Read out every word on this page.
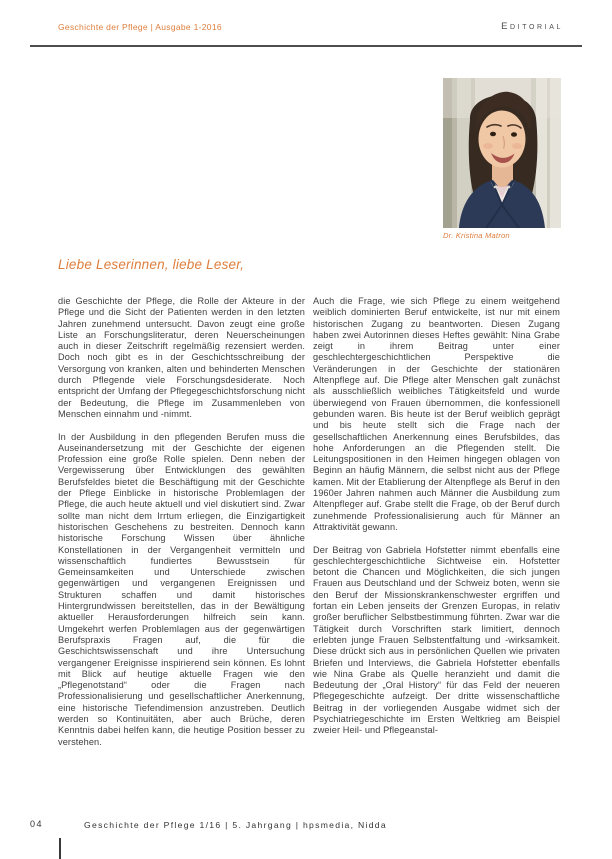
Geschichte der Pflege | Ausgabe 1-2016	Editorial
Dr. Kristina Matron
Liebe Leserinnen, liebe Leser,

die Geschichte der Pflege, die Rolle der Akteure in der Pflege und die Sicht der Patienten werden in den letzten Jahren zunehmend untersucht. Davon zeugt eine große Liste an Forschungsliteratur, deren Neuerscheinungen auch in dieser Zeitschrift regelmäßig rezensiert werden. Doch noch gibt es in der Geschichtsschreibung der Versorgung von kranken, alten und behinderten Menschen durch Pflegende viele Forschungsdesiderate. Noch entspricht der Umfang der Pflegegeschichtsforschung nicht der Bedeutung, die Pflege im Zusammenleben von Menschen einnahm und -nimmt.

In der Ausbildung in den pflegenden Berufen muss die Auseinandersetzung mit der Geschichte der eigenen Profession eine große Rolle spielen. Denn neben der Vergewisserung über Entwicklungen des gewählten Berufsfeldes bietet die Beschäftigung mit der Geschichte der Pflege Einblicke in historische Problemlagen der Pflege, die auch heute aktuell und viel diskutiert sind. Zwar sollte man nicht dem Irrtum erliegen, die Einzigartigkeit historischen Geschehens zu bestreiten. Dennoch kann historische Forschung Wissen über ähnliche Konstellationen in der Vergangenheit vermitteln und wissenschaftlich fundiertes Bewusstsein für Gemeinsamkeiten und Unterschiede zwischen gegenwärtigen und vergangenen Ereignissen und Strukturen schaffen und damit historisches Hintergrundwissen bereitstellen, das in der Bewältigung aktueller Herausforderungen hilfreich sein kann. Umgekehrt werfen Problemlagen aus der gegenwärtigen Berufspraxis Fragen auf, die für die Geschichtswissenschaft und ihre Untersuchung vergangener Ereignisse inspirierend sein können. Es lohnt mit Blick auf heutige aktuelle Fragen wie den „Pflegenotstand“ oder die Fragen nach Professionalisierung und gesellschaftlicher Anerkennung, eine historische Tiefendimension anzustreben. Deutlich werden so Kontinuitäten, aber auch Brüche, deren Kenntnis dabei helfen kann, die heutige Position besser zu verstehen.

Auch die Frage, wie sich Pflege zu einem weitgehend weiblich dominierten Beruf entwickelte, ist nur mit einem historischen Zugang zu beantworten. Diesen Zugang haben zwei Autorinnen dieses Heftes gewählt: Nina Grabe zeigt in ihrem Beitrag unter einer geschlechtergeschichtlichen Perspektive die Veränderungen in der Geschichte der stationären Altenpflege auf. Die Pflege alter Menschen galt zunächst als ausschließlich weibliches Tätigkeitsfeld und wurde überwiegend von Frauen übernommen, die konfessionell gebunden waren. Bis heute ist der Beruf weiblich geprägt und bis heute stellt sich die Frage nach der gesellschaftlichen Anerkennung eines Berufsbildes, das hohe Anforderungen an die Pflegenden stellt. Die Leitungspositionen in den Heimen hingegen oblagen von Beginn an häufig Männern, die selbst nicht aus der Pflege kamen. Mit der Etablierung der Altenpflege als Beruf in den 1960er Jahren nahmen auch Männer die Ausbildung zum Altenpfleger auf. Grabe stellt die Frage, ob der Beruf durch zunehmende Professionalisierung auch für Männer an Attraktivität gewann.

Der Beitrag von Gabriela Hofstetter nimmt ebenfalls eine geschlechtergeschichtliche Sichtweise ein. Hofstetter betont die Chancen und Möglichkeiten, die sich jungen Frauen aus Deutschland und der Schweiz boten, wenn sie den Beruf der Missionskrankenschwester ergriffen und fortan ein Leben jenseits der Grenzen Europas, in relativ großer beruflicher Selbstbestimmung führten. Zwar war die Tätigkeit durch Vorschriften stark limitiert, dennoch erlebten junge Frauen Selbstentfaltung und -wirksamkeit. Diese drückt sich aus in persönlichen Quellen wie privaten Briefen und Interviews, die Gabriela Hofstetter ebenfalls wie Nina Grabe als Quelle heranzieht und damit die Bedeutung der „Oral History“ für das Feld der neueren Pflegegeschichte aufzeigt. Der dritte wissenschaftliche Beitrag in der vorliegenden Ausgabe widmet sich der Psychiatriegeschichte im Ersten Weltkrieg am Beispiel zweier Heil- und Pflegeanstal-

04	Geschichte der Pflege 1/16 | 5. Jahrgang | hpsmedia, Nidda
